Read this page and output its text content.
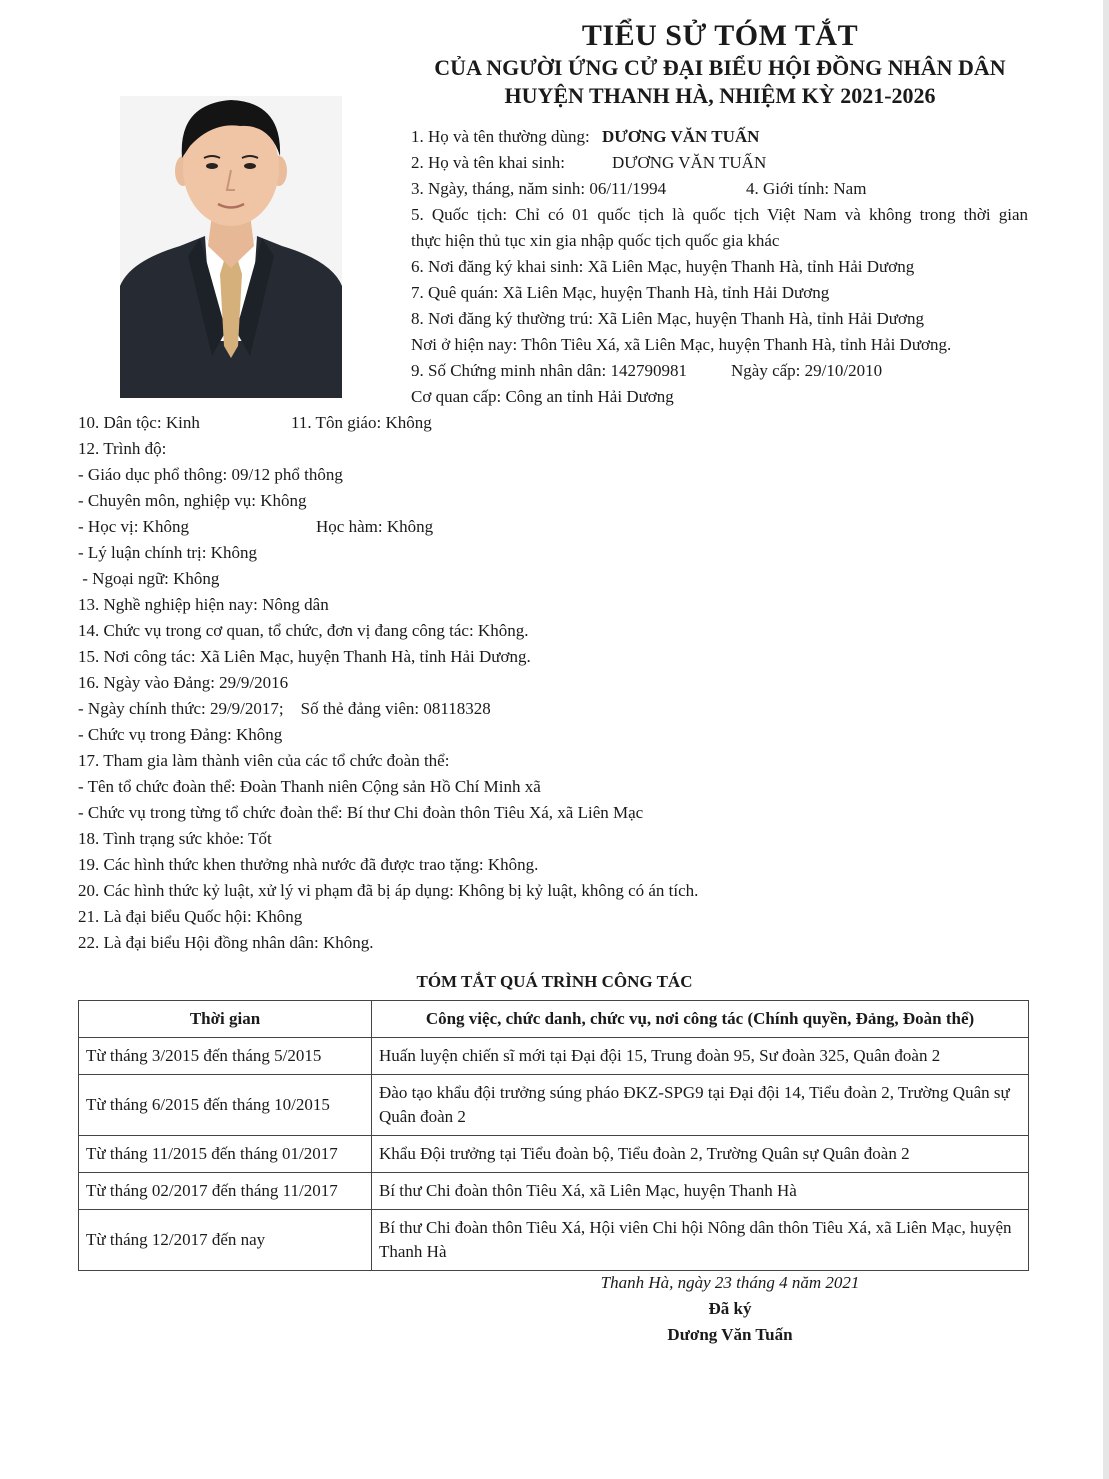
TIỂU SỬ TÓM TẮT
CỦA NGƯỜI ỨNG CỬ ĐẠI BIỂU HỘI ĐỒNG NHÂN DÂN
HUYỆN THANH HÀ, NHIỆM KỲ 2021-2026
1. Họ và tên thường dùng: DƯƠNG VĂN TUẤN
2. Họ và tên khai sinh:	DƯƠNG VĂN TUẤN
3. Ngày, tháng, năm sinh: 06/11/1994	4. Giới tính: Nam
5. Quốc tịch: Chỉ có 01 quốc tịch là quốc tịch Việt Nam và không trong thời gian
thực hiện thủ tục xin gia nhập quốc tịch quốc gia khác
6. Nơi đăng ký khai sinh: Xã Liên Mạc, huyện Thanh Hà, tỉnh Hải Dương
7. Quê quán: Xã Liên Mạc, huyện Thanh Hà, tỉnh Hải Dương
8. Nơi đăng ký thường trú: Xã Liên Mạc, huyện Thanh Hà, tỉnh Hải Dương
Nơi ở hiện nay: Thôn Tiêu Xá, xã Liên Mạc, huyện Thanh Hà, tỉnh Hải Dương.
9. Số Chứng minh nhân dân: 142790981	Ngày cấp: 29/10/2010
Cơ quan cấp: Công an tỉnh Hải Dương
10. Dân tộc: Kinh	11. Tôn giáo: Không
12. Trình độ:
- Giáo dục phổ thông: 09/12 phổ thông
- Chuyên môn, nghiệp vụ: Không
- Học vị: Không	Học hàm: Không
- Lý luận chính trị: Không
- Ngoại ngữ: Không
13. Nghề nghiệp hiện nay: Nông dân
14. Chức vụ trong cơ quan, tổ chức, đơn vị đang công tác: Không.
15. Nơi công tác: Xã Liên Mạc, huyện Thanh Hà, tỉnh Hải Dương.
16. Ngày vào Đảng: 29/9/2016
- Ngày chính thức: 29/9/2017;    Số thẻ đảng viên: 08118328
- Chức vụ trong Đảng: Không
17. Tham gia làm thành viên của các tổ chức đoàn thể:
- Tên tổ chức đoàn thể: Đoàn Thanh niên Cộng sản Hồ Chí Minh xã
- Chức vụ trong từng tổ chức đoàn thể: Bí thư Chi đoàn thôn Tiêu Xá, xã Liên Mạc
18. Tình trạng sức khỏe: Tốt
19. Các hình thức khen thưởng nhà nước đã được trao tặng: Không.
20. Các hình thức kỷ luật, xử lý vi phạm đã bị áp dụng: Không bị kỷ luật, không có án tích.
21. Là đại biểu Quốc hội: Không
22. Là đại biểu Hội đồng nhân dân: Không.
TÓM TẮT QUÁ TRÌNH CÔNG TÁC
Thời gian	Công việc, chức danh, chức vụ, nơi công tác (Chính quyền, Đảng, Đoàn thể)
Từ tháng 3/2015 đến tháng 5/2015	Huấn luyện chiến sĩ mới tại Đại đội 15, Trung đoàn 95, Sư đoàn 325, Quân đoàn 2
Từ tháng 6/2015 đến tháng 10/2015	Đào tạo khẩu đội trưởng súng pháo ĐKZ-SPG9 tại Đại đội 14, Tiểu đoàn 2, Trường Quân sự Quân đoàn 2
Từ tháng 11/2015 đến tháng 01/2017	Khẩu Đội trưởng tại Tiểu đoàn bộ, Tiểu đoàn 2, Trường Quân sự Quân đoàn 2
Từ tháng 02/2017 đến tháng 11/2017	Bí thư Chi đoàn thôn Tiêu Xá, xã Liên Mạc, huyện Thanh Hà
Từ tháng 12/2017 đến nay	Bí thư Chi đoàn thôn Tiêu Xá, Hội viên Chi hội Nông dân thôn Tiêu Xá, xã Liên Mạc, huyện Thanh Hà
Thanh Hà, ngày 23 tháng 4 năm 2021
Đã ký
Dương Văn Tuấn
